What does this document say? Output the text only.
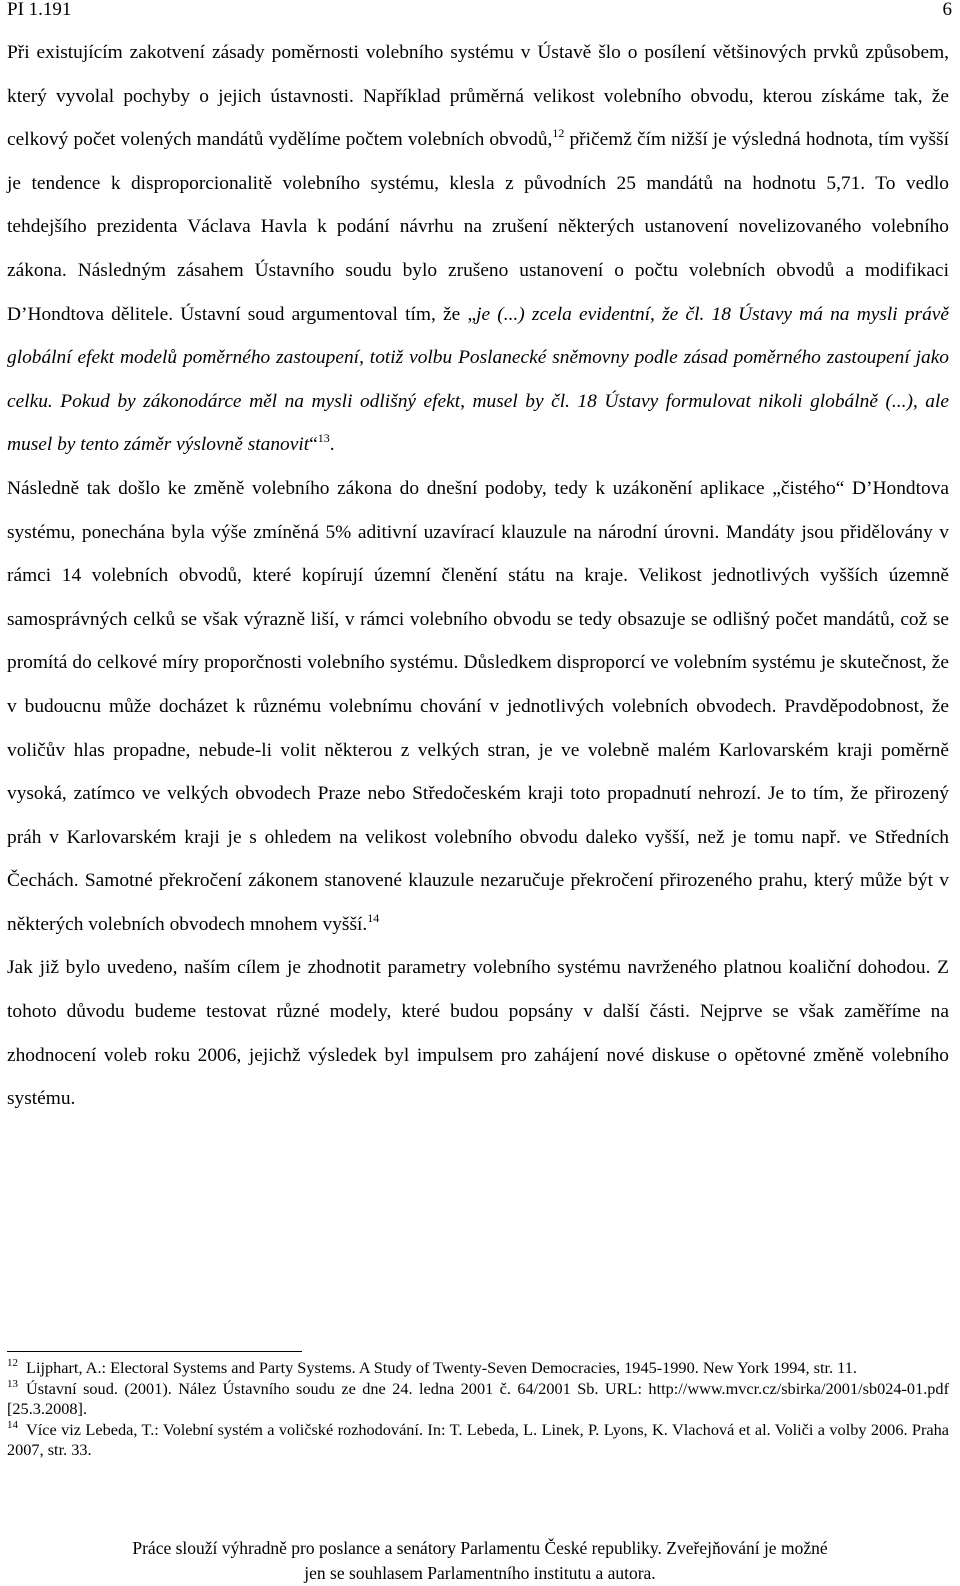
PI 1.191	6

Při existujícím zakotvení zásady poměrnosti volebního systému v Ústavě šlo o posílení většinových prvků způsobem, který vyvolal pochyby o jejich ústavnosti. Například průměrná velikost volebního obvodu, kterou získáme tak, že celkový počet volených mandátů vydělíme počtem volebních obvodů,$^{12}$ přičemž čím nižší je výsledná hodnota, tím vyšší je tendence k disproporcionalitě volebního systému, klesla z původních 25 mandátů na hodnotu 5,71. To vedlo tehdejšího prezidenta Václava Havla k podání návrhu na zrušení některých ustanovení novelizovaného volebního zákona. Následným zásahem Ústavního soudu bylo zrušeno ustanovení o počtu volebních obvodů a modifikaci D’Hondtova dělitele. Ústavní soud argumentoval tím, že „je (...) zcela evidentní, že čl. 18 Ústavy má na mysli právě globální efekt modelů poměrného zastoupení, totiž volbu Poslanecké sněmovny podle zásad poměrného zastoupení jako celku. Pokud by zákonodárce měl na mysli odlišný efekt, musel by čl. 18 Ústavy formulovat nikoli globálně (...), ale musel by tento záměr výslovně stanovit“$^{13}$.

Následně tak došlo ke změně volebního zákona do dnešní podoby, tedy k uzákonění aplikace „čistého“ D’Hondtova systému, ponechána byla výše zmíněná 5% aditivní uzavírací klauzule na národní úrovni. Mandáty jsou přidělovány v rámci 14 volebních obvodů, které kopírují územní členění státu na kraje. Velikost jednotlivých vyšších územně samosprávných celků se však výrazně liší, v rámci volebního obvodu se tedy obsazuje se odlišný počet mandátů, což se promítá do celkové míry proporčnosti volebního systému. Důsledkem disproporcí ve volebním systému je skutečnost, že v budoucnu může docházet k různému volebnímu chování v jednotlivých volebních obvodech. Pravděpodobnost, že voličův hlas propadne, nebude-li volit některou z velkých stran, je ve volebně malém Karlovarském kraji poměrně vysoká, zatímco ve velkých obvodech Praze nebo Středočeském kraji toto propadnutí nehrozí. Je to tím, že přirozený práh v Karlovarském kraji je s ohledem na velikost volebního obvodu daleko vyšší, než je tomu např. ve Středních Čechách. Samotné překročení zákonem stanovené klauzule nezaručuje překročení přirozeného prahu, který může být v některých volebních obvodech mnohem vyšší.$^{14}$

Jak již bylo uvedeno, naším cílem je zhodnotit parametry volebního systému navrženého platnou koaliční dohodou. Z tohoto důvodu budeme testovat různé modely, které budou popsány v další části. Nejprve se však zaměříme na zhodnocení voleb roku 2006, jejichž výsledek byl impulsem pro zahájení nové diskuse o opětovné změně volebního systému.

$^{12}$ Lijphart, A.: Electoral Systems and Party Systems. A Study of Twenty-Seven Democracies, 1945-1990. New York 1994, str. 11.

$^{13}$ Ústavní soud. (2001). Nález Ústavního soudu ze dne 24. ledna 2001 č. 64/2001 Sb. URL: http://www.mvcr.cz/sbirka/2001/sb024-01.pdf [25.3.2008].

$^{14}$ Více viz Lebeda, T.: Volební systém a voličské rozhodování. In: T. Lebeda, L. Linek, P. Lyons, K. Vlachová et al. Voliči a volby 2006. Praha 2007, str. 33.

Práce slouží výhradně pro poslance a senátory Parlamentu České republiky. Zveřejňování je možné
jen se souhlasem Parlamentního institutu a autora.
